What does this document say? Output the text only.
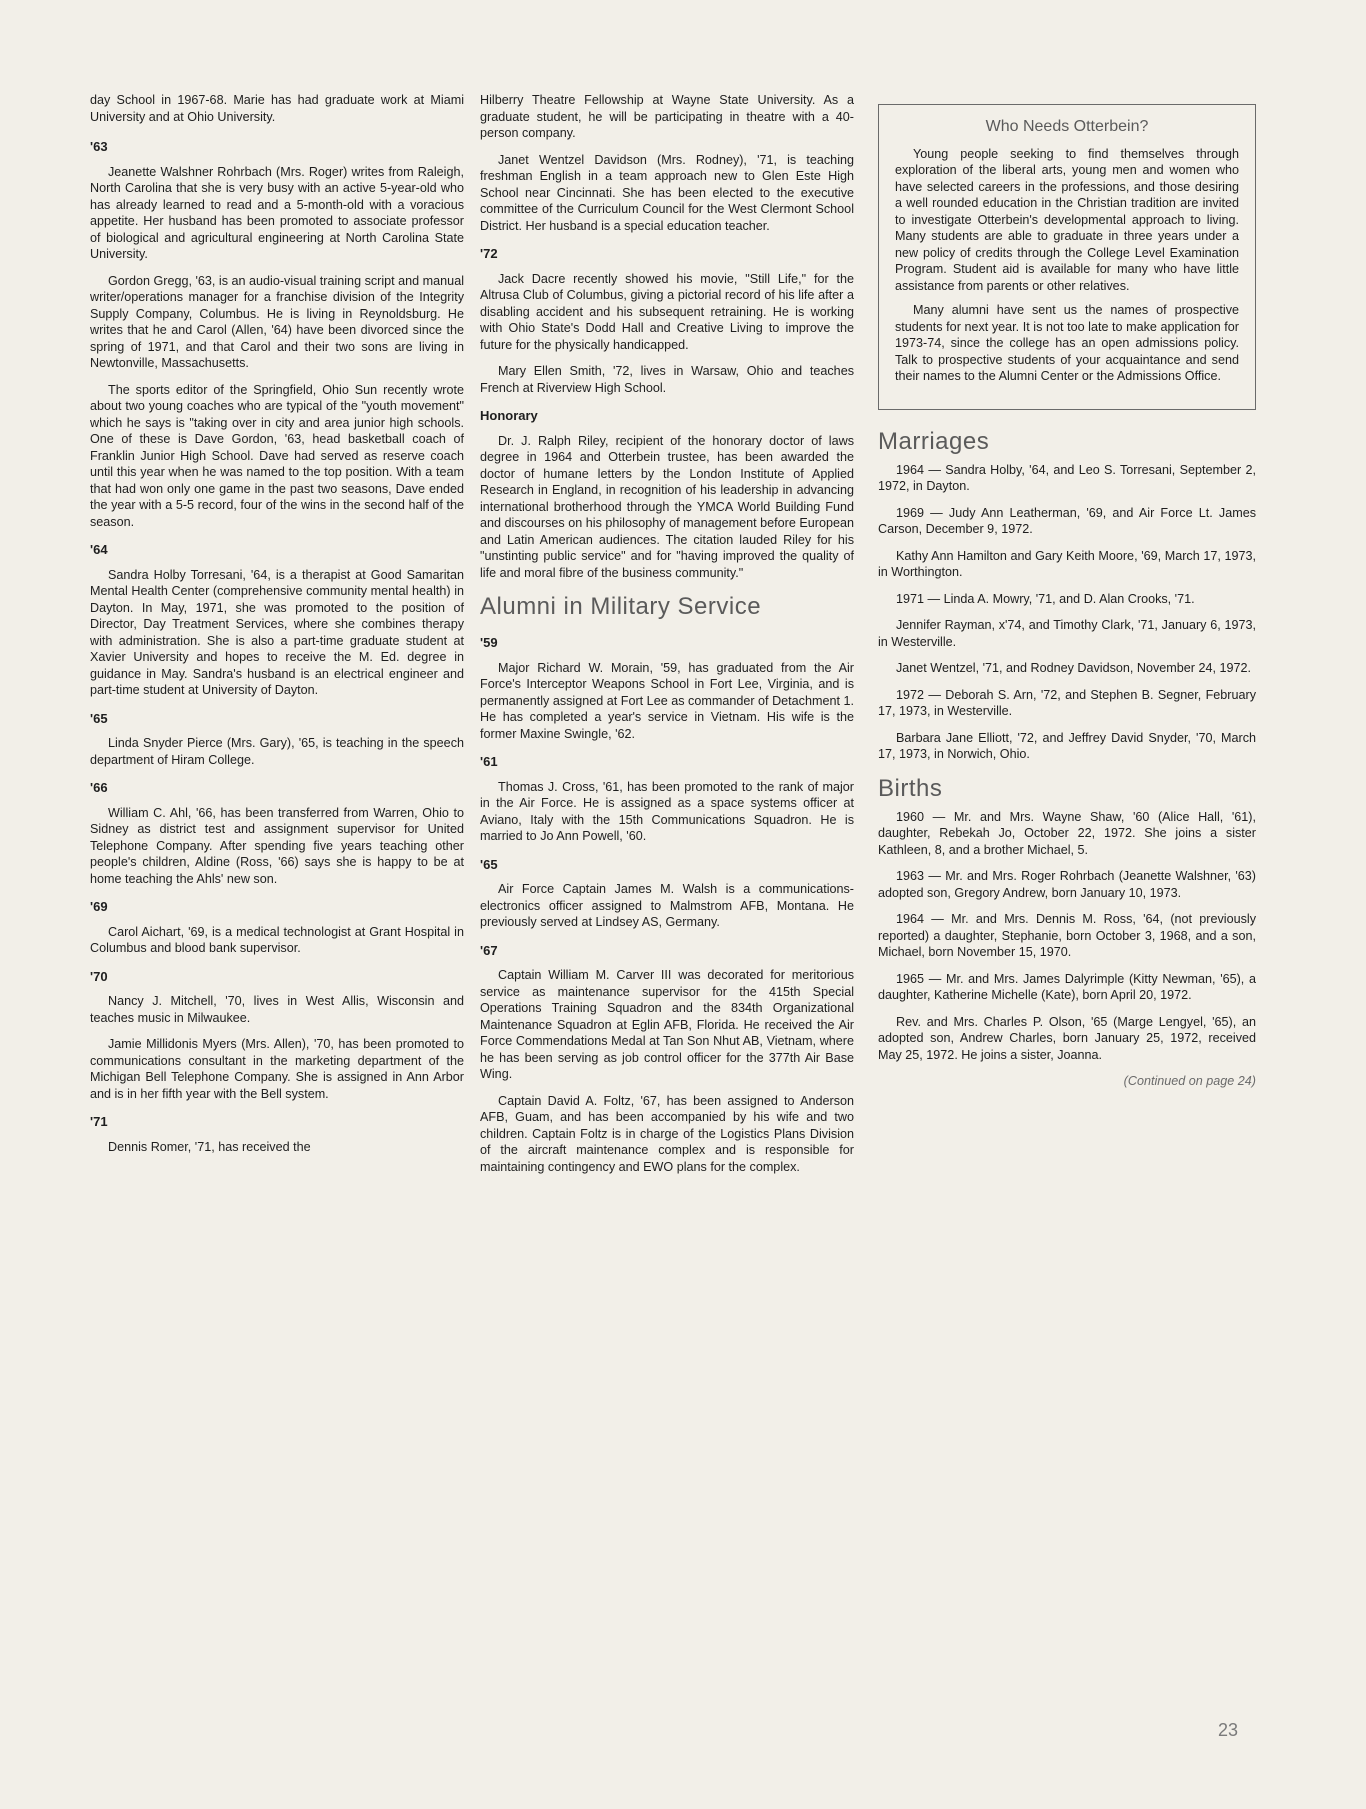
day School in 1967-68. Marie has had graduate work at Miami University and at Ohio University.

'63

Jeanette Walshner Rohrbach (Mrs. Roger) writes from Raleigh, North Carolina that she is very busy with an active 5-year-old who has already learned to read and a 5-month-old with a voracious appetite. Her husband has been promoted to associate professor of biological and agricultural engineering at North Carolina State University.

Gordon Gregg, '63, is an audio-visual training script and manual writer/operations manager for a franchise division of the Integrity Supply Company, Columbus. He is living in Reynoldsburg. He writes that he and Carol (Allen, '64) have been divorced since the spring of 1971, and that Carol and their two sons are living in Newtonville, Massachusetts.

The sports editor of the Springfield, Ohio Sun recently wrote about two young coaches who are typical of the "youth movement" which he says is "taking over in city and area junior high schools. One of these is Dave Gordon, '63, head basketball coach of Franklin Junior High School. Dave had served as reserve coach until this year when he was named to the top position. With a team that had won only one game in the past two seasons, Dave ended the year with a 5-5 record, four of the wins in the second half of the season.

'64

Sandra Holby Torresani, '64, is a therapist at Good Samaritan Mental Health Center (comprehensive community mental health) in Dayton. In May, 1971, she was promoted to the position of Director, Day Treatment Services, where she combines therapy with administration. She is also a part-time graduate student at Xavier University and hopes to receive the M. Ed. degree in guidance in May. Sandra's husband is an electrical engineer and part-time student at University of Dayton.

'65

Linda Snyder Pierce (Mrs. Gary), '65, is teaching in the speech department of Hiram College.

'66

William C. Ahl, '66, has been transferred from Warren, Ohio to Sidney as district test and assignment supervisor for United Telephone Company. After spending five years teaching other people's children, Aldine (Ross, '66) says she is happy to be at home teaching the Ahls' new son.

'69

Carol Aichart, '69, is a medical technologist at Grant Hospital in Columbus and blood bank supervisor.

'70

Nancy J. Mitchell, '70, lives in West Allis, Wisconsin and teaches music in Milwaukee.

Jamie Millidonis Myers (Mrs. Allen), '70, has been promoted to communications consultant in the marketing department of the Michigan Bell Telephone Company. She is assigned in Ann Arbor and is in her fifth year with the Bell system.

'71

Dennis Romer, '71, has received the

Hilberry Theatre Fellowship at Wayne State University. As a graduate student, he will be participating in theatre with a 40-person company.

Janet Wentzel Davidson (Mrs. Rodney), '71, is teaching freshman English in a team approach new to Glen Este High School near Cincinnati. She has been elected to the executive committee of the Curriculum Council for the West Clermont School District. Her husband is a special education teacher.

'72

Jack Dacre recently showed his movie, "Still Life," for the Altrusa Club of Columbus, giving a pictorial record of his life after a disabling accident and his subsequent retraining. He is working with Ohio State's Dodd Hall and Creative Living to improve the future for the physically handicapped.

Mary Ellen Smith, '72, lives in Warsaw, Ohio and teaches French at Riverview High School.

Honorary

Dr. J. Ralph Riley, recipient of the honorary doctor of laws degree in 1964 and Otterbein trustee, has been awarded the doctor of humane letters by the London Institute of Applied Research in England, in recognition of his leadership in advancing international brotherhood through the YMCA World Building Fund and discourses on his philosophy of management before European and Latin American audiences. The citation lauded Riley for his "unstinting public service" and for "having improved the quality of life and moral fibre of the business community."

Alumni in Military Service
'59

Major Richard W. Morain, '59, has graduated from the Air Force's Interceptor Weapons School in Fort Lee, Virginia, and is permanently assigned at Fort Lee as commander of Detachment 1. He has completed a year's service in Vietnam. His wife is the former Maxine Swingle, '62.

'61

Thomas J. Cross, '61, has been promoted to the rank of major in the Air Force. He is assigned as a space systems officer at Aviano, Italy with the 15th Communications Squadron. He is married to Jo Ann Powell, '60.

'65

Air Force Captain James M. Walsh is a communications-electronics officer assigned to Malmstrom AFB, Montana. He previously served at Lindsey AS, Germany.

'67

Captain William M. Carver III was decorated for meritorious service as maintenance supervisor for the 415th Special Operations Training Squadron and the 834th Organizational Maintenance Squadron at Eglin AFB, Florida. He received the Air Force Commendations Medal at Tan Son Nhut AB, Vietnam, where he has been serving as job control officer for the 377th Air Base Wing.

Captain David A. Foltz, '67, has been assigned to Anderson AFB, Guam, and has been accompanied by his wife and two children. Captain Foltz is in charge of the Logistics Plans Division of the aircraft maintenance complex and is responsible for maintaining contingency and EWO plans for the complex.

Who Needs Otterbein?

Young people seeking to find themselves through exploration of the liberal arts, young men and women who have selected careers in the professions, and those desiring a well rounded education in the Christian tradition are invited to investigate Otterbein's developmental approach to living. Many students are able to graduate in three years under a new policy of credits through the College Level Examination Program. Student aid is available for many who have little assistance from parents or other relatives.

Many alumni have sent us the names of prospective students for next year. It is not too late to make application for 1973-74, since the college has an open admissions policy. Talk to prospective students of your acquaintance and send their names to the Alumni Center or the Admissions Office.

Marriages

1964 — Sandra Holby, '64, and Leo S. Torresani, September 2, 1972, in Dayton.

1969 — Judy Ann Leatherman, '69, and Air Force Lt. James Carson, December 9, 1972.

Kathy Ann Hamilton and Gary Keith Moore, '69, March 17, 1973, in Worthington.

1971 — Linda A. Mowry, '71, and D. Alan Crooks, '71.

Jennifer Rayman, x'74, and Timothy Clark, '71, January 6, 1973, in Westerville.

Janet Wentzel, '71, and Rodney Davidson, November 24, 1972.

1972 — Deborah S. Arn, '72, and Stephen B. Segner, February 17, 1973, in Westerville.

Barbara Jane Elliott, '72, and Jeffrey David Snyder, '70, March 17, 1973, in Norwich, Ohio.

Births

1960 — Mr. and Mrs. Wayne Shaw, '60 (Alice Hall, '61), daughter, Rebekah Jo, October 22, 1972. She joins a sister Kathleen, 8, and a brother Michael, 5.

1963 — Mr. and Mrs. Roger Rohrbach (Jeanette Walshner, '63) adopted son, Gregory Andrew, born January 10, 1973.

1964 — Mr. and Mrs. Dennis M. Ross, '64, (not previously reported) a daughter, Stephanie, born October 3, 1968, and a son, Michael, born November 15, 1970.

1965 — Mr. and Mrs. James Dalyrimple (Kitty Newman, '65), a daughter, Katherine Michelle (Kate), born April 20, 1972.

Rev. and Mrs. Charles P. Olson, '65 (Marge Lengyel, '65), an adopted son, Andrew Charles, born January 25, 1972, received May 25, 1972. He joins a sister, Joanna.

(Continued on page 24)

23
